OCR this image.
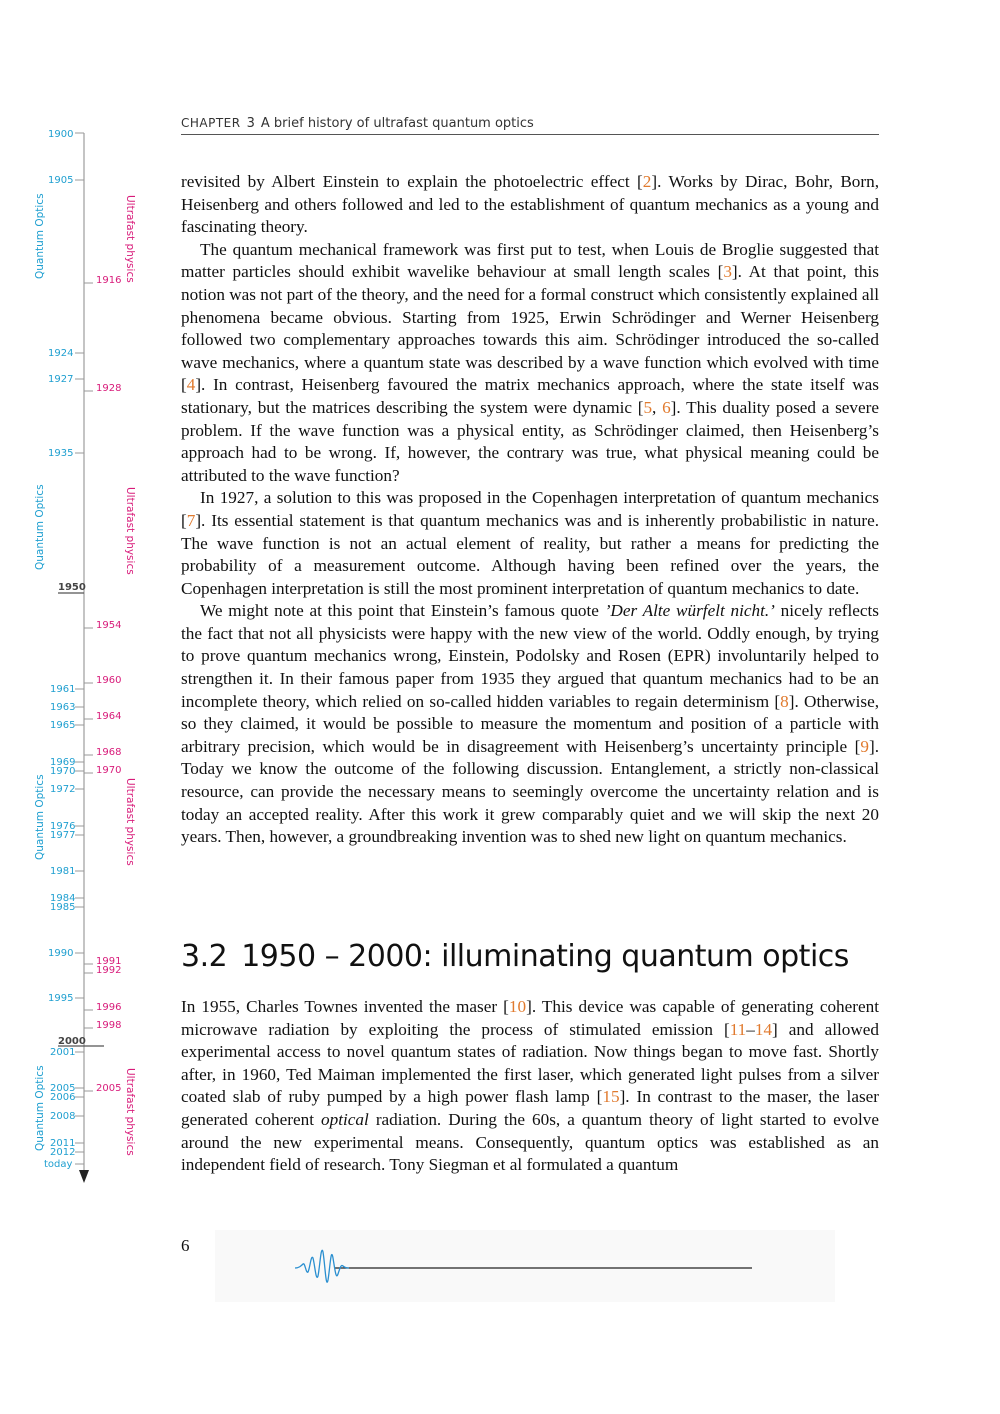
1900
1905
1924
1927
1935
1961
1963
1965
1969
1970
1972
1976
1977
1981
1984
1985
1990
1995
2001
2005
2006
2008
2011
2012
today
1916
1928
1954
1960
1964
1968
1970
1991
1992
1996
1998
2005
1950
2000
Quantum Optics	Ultrafast physics
Quantum Optics	Ultrafast physics
Quantum Optics	Ultrafast physics
Quantum Optics	Ultrafast physics
CHAPTER 3 A brief history of ultrafast quantum optics

revisited by Albert Einstein to explain the photoelectric effect [2]. Works by Dirac, Bohr, Born, Heisenberg and others followed and led to the establishment of quantum mechanics as a young and fascinating theory.

The quantum mechanical framework was first put to test, when Louis de Broglie suggested that matter particles should exhibit wavelike behaviour at small length scales [3]. At that point, this notion was not part of the theory, and the need for a formal construct which consistently explained all phenomena became obvious. Starting from 1925, Erwin Schrödinger and Werner Heisenberg followed two complementary approaches towards this aim. Schrödinger introduced the so-called wave mechanics, where a quantum state was described by a wave function which evolved with time [4]. In contrast, Heisenberg favoured the matrix mechanics approach, where the state itself was stationary, but the matrices describing the system were dynamic [5, 6]. This duality posed a severe problem. If the wave function was a physical entity, as Schrödinger claimed, then Heisenberg’s approach had to be wrong. If, however, the contrary was true, what physical meaning could be attributed to the wave function?

In 1927, a solution to this was proposed in the Copenhagen interpretation of quantum mechanics [7]. Its essential statement is that quantum mechanics was and is inherently probabilistic in nature. The wave function is not an actual element of reality, but rather a means for predicting the probability of a measurement outcome. Although having been refined over the years, the Copenhagen interpretation is still the most prominent interpretation of quantum mechanics to date.

We might note at this point that Einstein’s famous quote ’Der Alte würfelt nicht.’ nicely reflects the fact that not all physicists were happy with the new view of the world. Oddly enough, by trying to prove quantum mechanics wrong, Einstein, Podolsky and Rosen (EPR) involuntarily helped to strengthen it. In their famous paper from 1935 they argued that quantum mechanics had to be an incomplete theory, which relied on so-called hidden variables to regain determinism [8]. Otherwise, so they claimed, it would be possible to measure the momentum and position of a particle with arbitrary precision, which would be in disagreement with Heisenberg’s uncertainty principle [9]. Today we know the outcome of the following discussion. Entanglement, a strictly non-classical resource, can provide the necessary means to seemingly overcome the uncertainty relation and is today an accepted reality. After this work it grew comparably quiet and we will skip the next 20 years. Then, however, a groundbreaking invention was to shed new light on quantum mechanics.

3.2 1950 – 2000: illuminating quantum optics

In 1955, Charles Townes invented the maser [10]. This device was capable of generating coherent microwave radiation by exploiting the process of stimulated emission [11–14] and allowed experimental access to novel quantum states of radiation. Now things began to move fast. Shortly after, in 1960, Ted Maiman implemented the first laser, which generated light pulses from a silver coated slab of ruby pumped by a high power flash lamp [15]. In contrast to the maser, the laser generated coherent optical radiation. During the 60s, a quantum theory of light started to evolve around the new experimental means. Consequently, quantum optics was established as an independent field of research. Tony Siegman et al formulated a quantum

6
